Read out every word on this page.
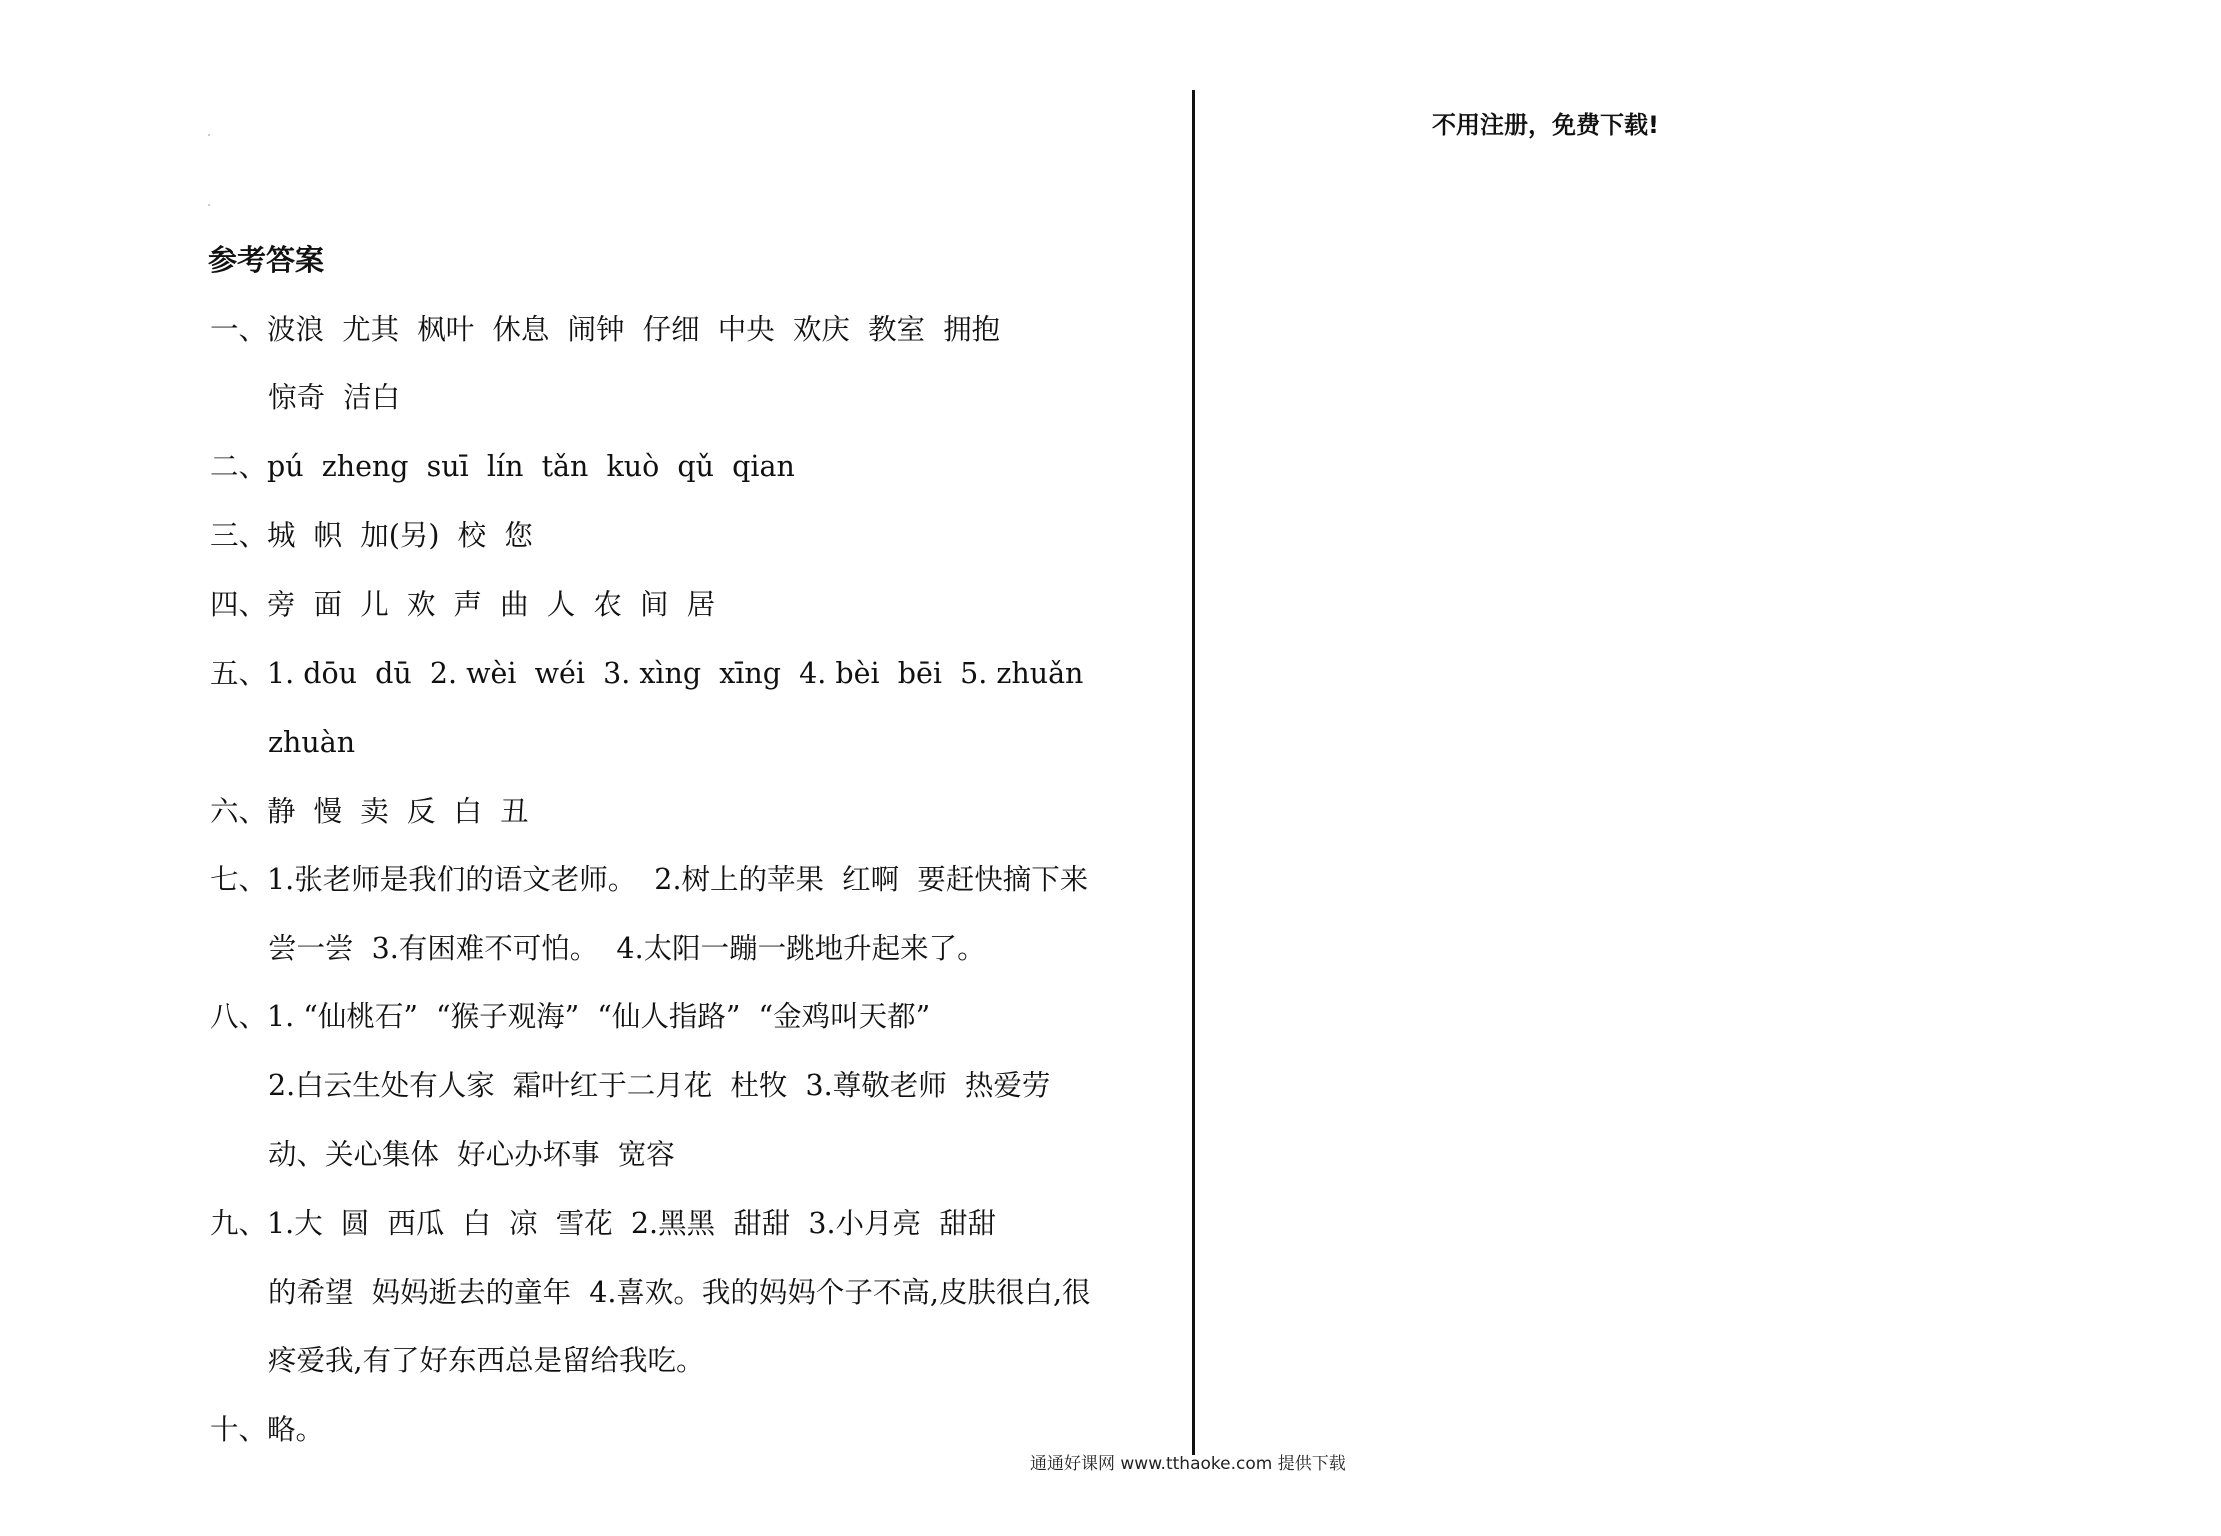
参考答案
一、波浪  尤其  枫叶  休息  闹钟  仔细  中央  欢庆  教室  拥抱
惊奇  洁白
二、pú  zheng  suī  lín  tǎn  kuò  qǔ  qian
三、城  帜  加(另)  校  您
四、旁  面  儿  欢  声  曲  人  农  间  居
五、1. dōu  dū  2. wèi  wéi  3. xìng  xīng  4. bèi  bēi  5. zhuǎn
zhuàn
六、静  慢  卖  反  白  丑
七、1.张老师是我们的语文老师。  2.树上的苹果  红啊  要赶快摘下来
尝一尝  3.有困难不可怕。  4.太阳一蹦一跳地升起来了。
八、1. “仙桃石”  “猴子观海”  “仙人指路”  “金鸡叫天都”
2.白云生处有人家  霜叶红于二月花  杜牧  3.尊敬老师  热爱劳
动、关心集体  好心办坏事  宽容
九、1.大  圆  西瓜  白  凉  雪花  2.黑黑  甜甜  3.小月亮  甜甜
的希望  妈妈逝去的童年  4.喜欢。我的妈妈个子不高,皮肤很白,很
疼爱我,有了好东西总是留给我吃。
十、略。
不用注册，免费下载!
通通好课网 www.tthaoke.com 提供下载
